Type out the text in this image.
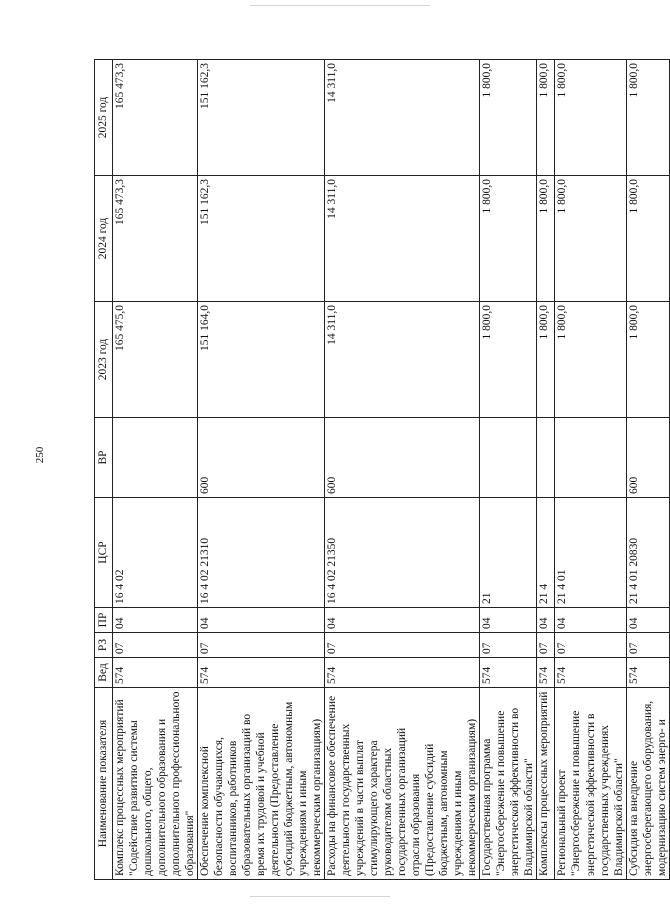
250
Наименование показателя	Вед	РЗ	ПР	ЦСР	ВР	2023 год	2024 год	2025 год
Комплекс процессных мероприятий "Содействие развитию системы дошкольного, общего, дополнительного образования и дополнительного профессионального образования"	574	07	04	16 4 02		165 475,0	165 473,3	165 473,3
Обеспечение комплексной безопасности обучающихся, воспитанников, работников образовательных организаций во время их трудовой и учебной деятельности (Предоставление субсидий бюджетным, автономным учреждениям и иным некоммерческим организациям)	574	07	04	16 4 02 21310	600	151 164,0	151 162,3	151 162,3
Расходы на финансовое обеспечение деятельности государственных учреждений в части выплат стимулирующего характера руководителям областных государственных организаций отрасли образования (Предоставление субсидий бюджетным, автономным учреждениям и иным некоммерческим организациям)	574	07	04	16 4 02 21350	600	14 311,0	14 311,0	14 311,0
Государственная программа "Энергосбережение и повышение энергетической эффективности во Владимирской области"	574	07	04	21		1 800,0	1 800,0	1 800,0
Комплексы процессных мероприятий	574	07	04	21 4		1 800,0	1 800,0	1 800,0
Региональный проект "Энергосбережение и повышение энергетической эффективности в государственных учреждениях Владимирской области"	574	07	04	21 4 01		1 800,0	1 800,0	1 800,0
Субсидия на внедрение энергосберегающего оборудования, модернизацию систем энерго- и	574	07	04	21 4 01 20830	600	1 800,0	1 800,0	1 800,0
